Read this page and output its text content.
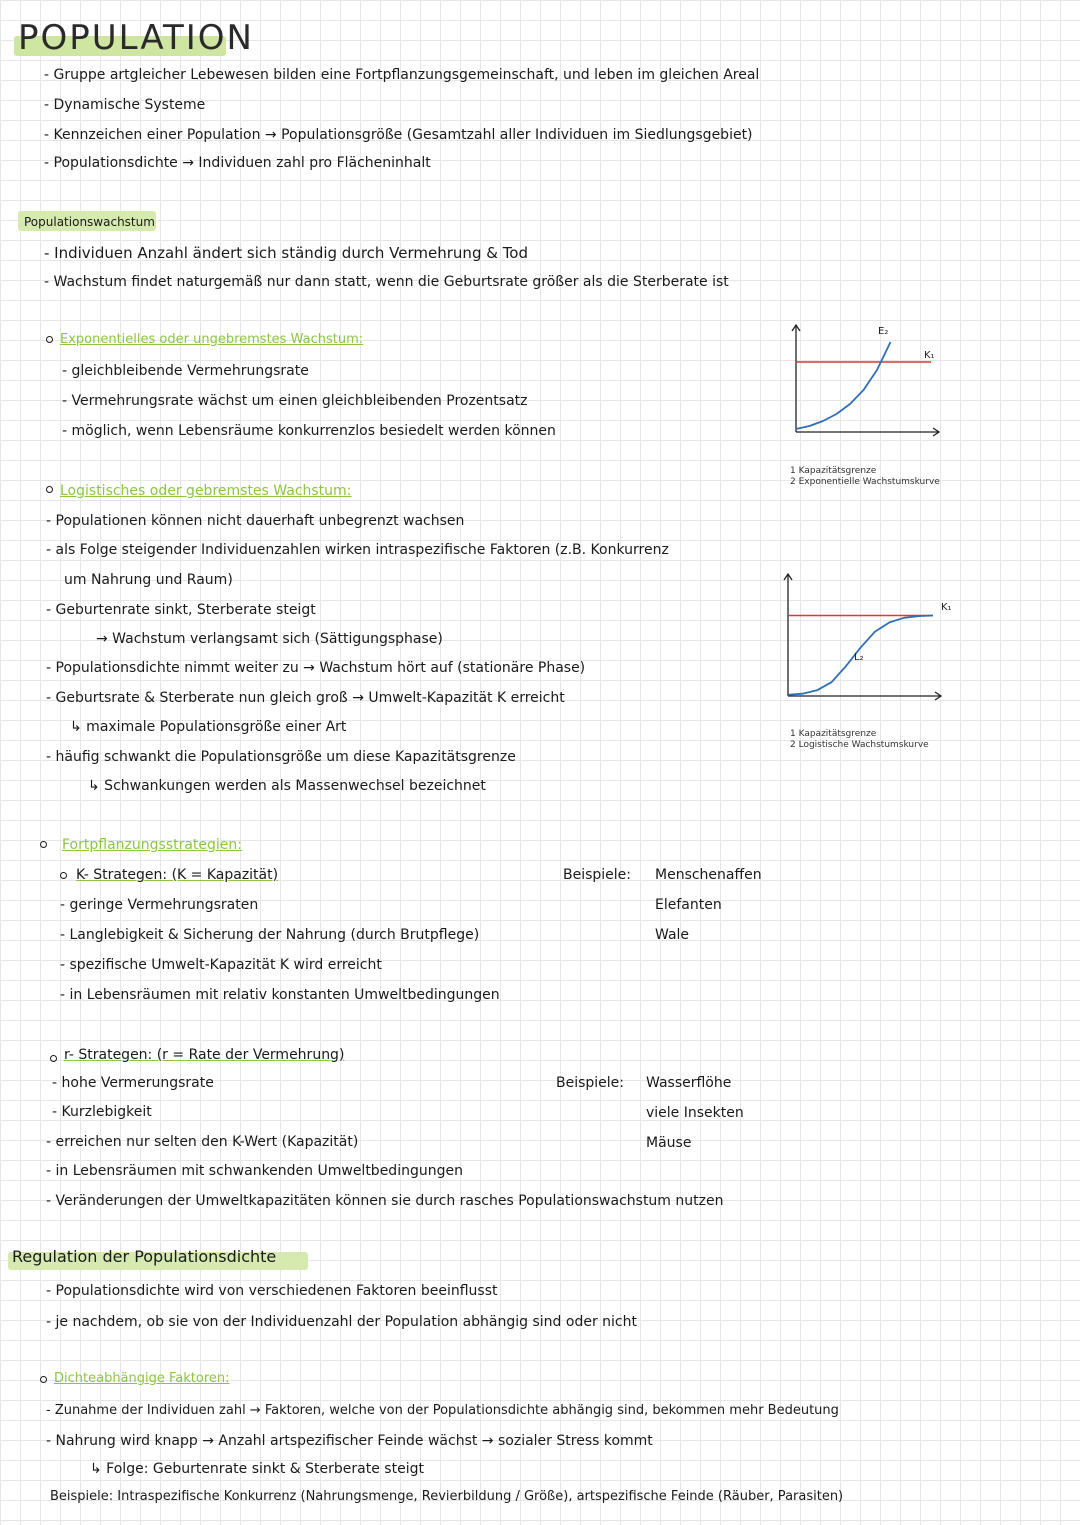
POPULATION
- Gruppe artgleicher Lebewesen bilden eine Fortpflanzungsgemeinschaft, und leben im gleichen Areal
- Dynamische Systeme
- Kennzeichen einer Population → Populationsgröße (Gesamtzahl aller Individuen im Siedlungsgebiet)
- Populationsdichte → Individuen zahl pro Flächeninhalt
Populationswachstum
- Individuen Anzahl ändert sich ständig durch Vermehrung & Tod
- Wachstum findet naturgemäß nur dann statt, wenn die Geburtsrate größer als die Sterberate ist
Exponentielles oder ungebremstes Wachstum:
- gleichbleibende Vermehrungsrate
- Vermehrungsrate wächst um einen gleichbleibenden Prozentsatz
- möglich, wenn Lebensräume konkurrenzlos besiedelt werden können
E₂
K₁
1 Kapazitätsgrenze
2 Exponentielle Wachstumskurve
Logistisches oder gebremstes Wachstum:
- Populationen können nicht dauerhaft unbegrenzt wachsen
- als Folge steigender Individuenzahlen wirken intraspezifische Faktoren (z.B. Konkurrenz
um Nahrung und Raum)
- Geburtenrate sinkt, Sterberate steigt
→ Wachstum verlangsamt sich (Sättigungsphase)
- Populationsdichte nimmt weiter zu → Wachstum hört auf (stationäre Phase)
- Geburtsrate & Sterberate nun gleich groß → Umwelt-Kapazität K erreicht
↳ maximale Populationsgröße einer Art
- häufig schwankt die Populationsgröße um diese Kapazitätsgrenze
↳ Schwankungen werden als Massenwechsel bezeichnet
L₂
K₁
1 Kapazitätsgrenze
2 Logistische Wachstumskurve
Fortpflanzungsstrategien:
K- Strategen: (K = Kapazität)
- geringe Vermehrungsraten
- Langlebigkeit & Sicherung der Nahrung (durch Brutpflege)
- spezifische Umwelt-Kapazität K wird erreicht
- in Lebensräumen mit relativ konstanten Umweltbedingungen
Beispiele: Menschenaffen
Elefanten
Wale
r- Strategen: (r = Rate der Vermehrung)
- hohe Vermerungsrate
- Kurzlebigkeit
- erreichen nur selten den K-Wert (Kapazität)
- in Lebensräumen mit schwankenden Umweltbedingungen
- Veränderungen der Umweltkapazitäten können sie durch rasches Populationswachstum nutzen
Beispiele: Wasserflöhe
viele Insekten
Mäuse
Regulation der Populationsdichte
- Populationsdichte wird von verschiedenen Faktoren beeinflusst
- je nachdem, ob sie von der Individuenzahl der Population abhängig sind oder nicht
Dichteabhängige Faktoren:
- Zunahme der Individuen zahl → Faktoren, welche von der Populationsdichte abhängig sind, bekommen mehr Bedeutung
- Nahrung wird knapp → Anzahl artspezifischer Feinde wächst → sozialer Stress kommt
↳ Folge: Geburtenrate sinkt & Sterberate steigt
Beispiele: Intraspezifische Konkurrenz (Nahrungsmenge, Revierbildung / Größe), artspezifische Feinde (Räuber, Parasiten)
